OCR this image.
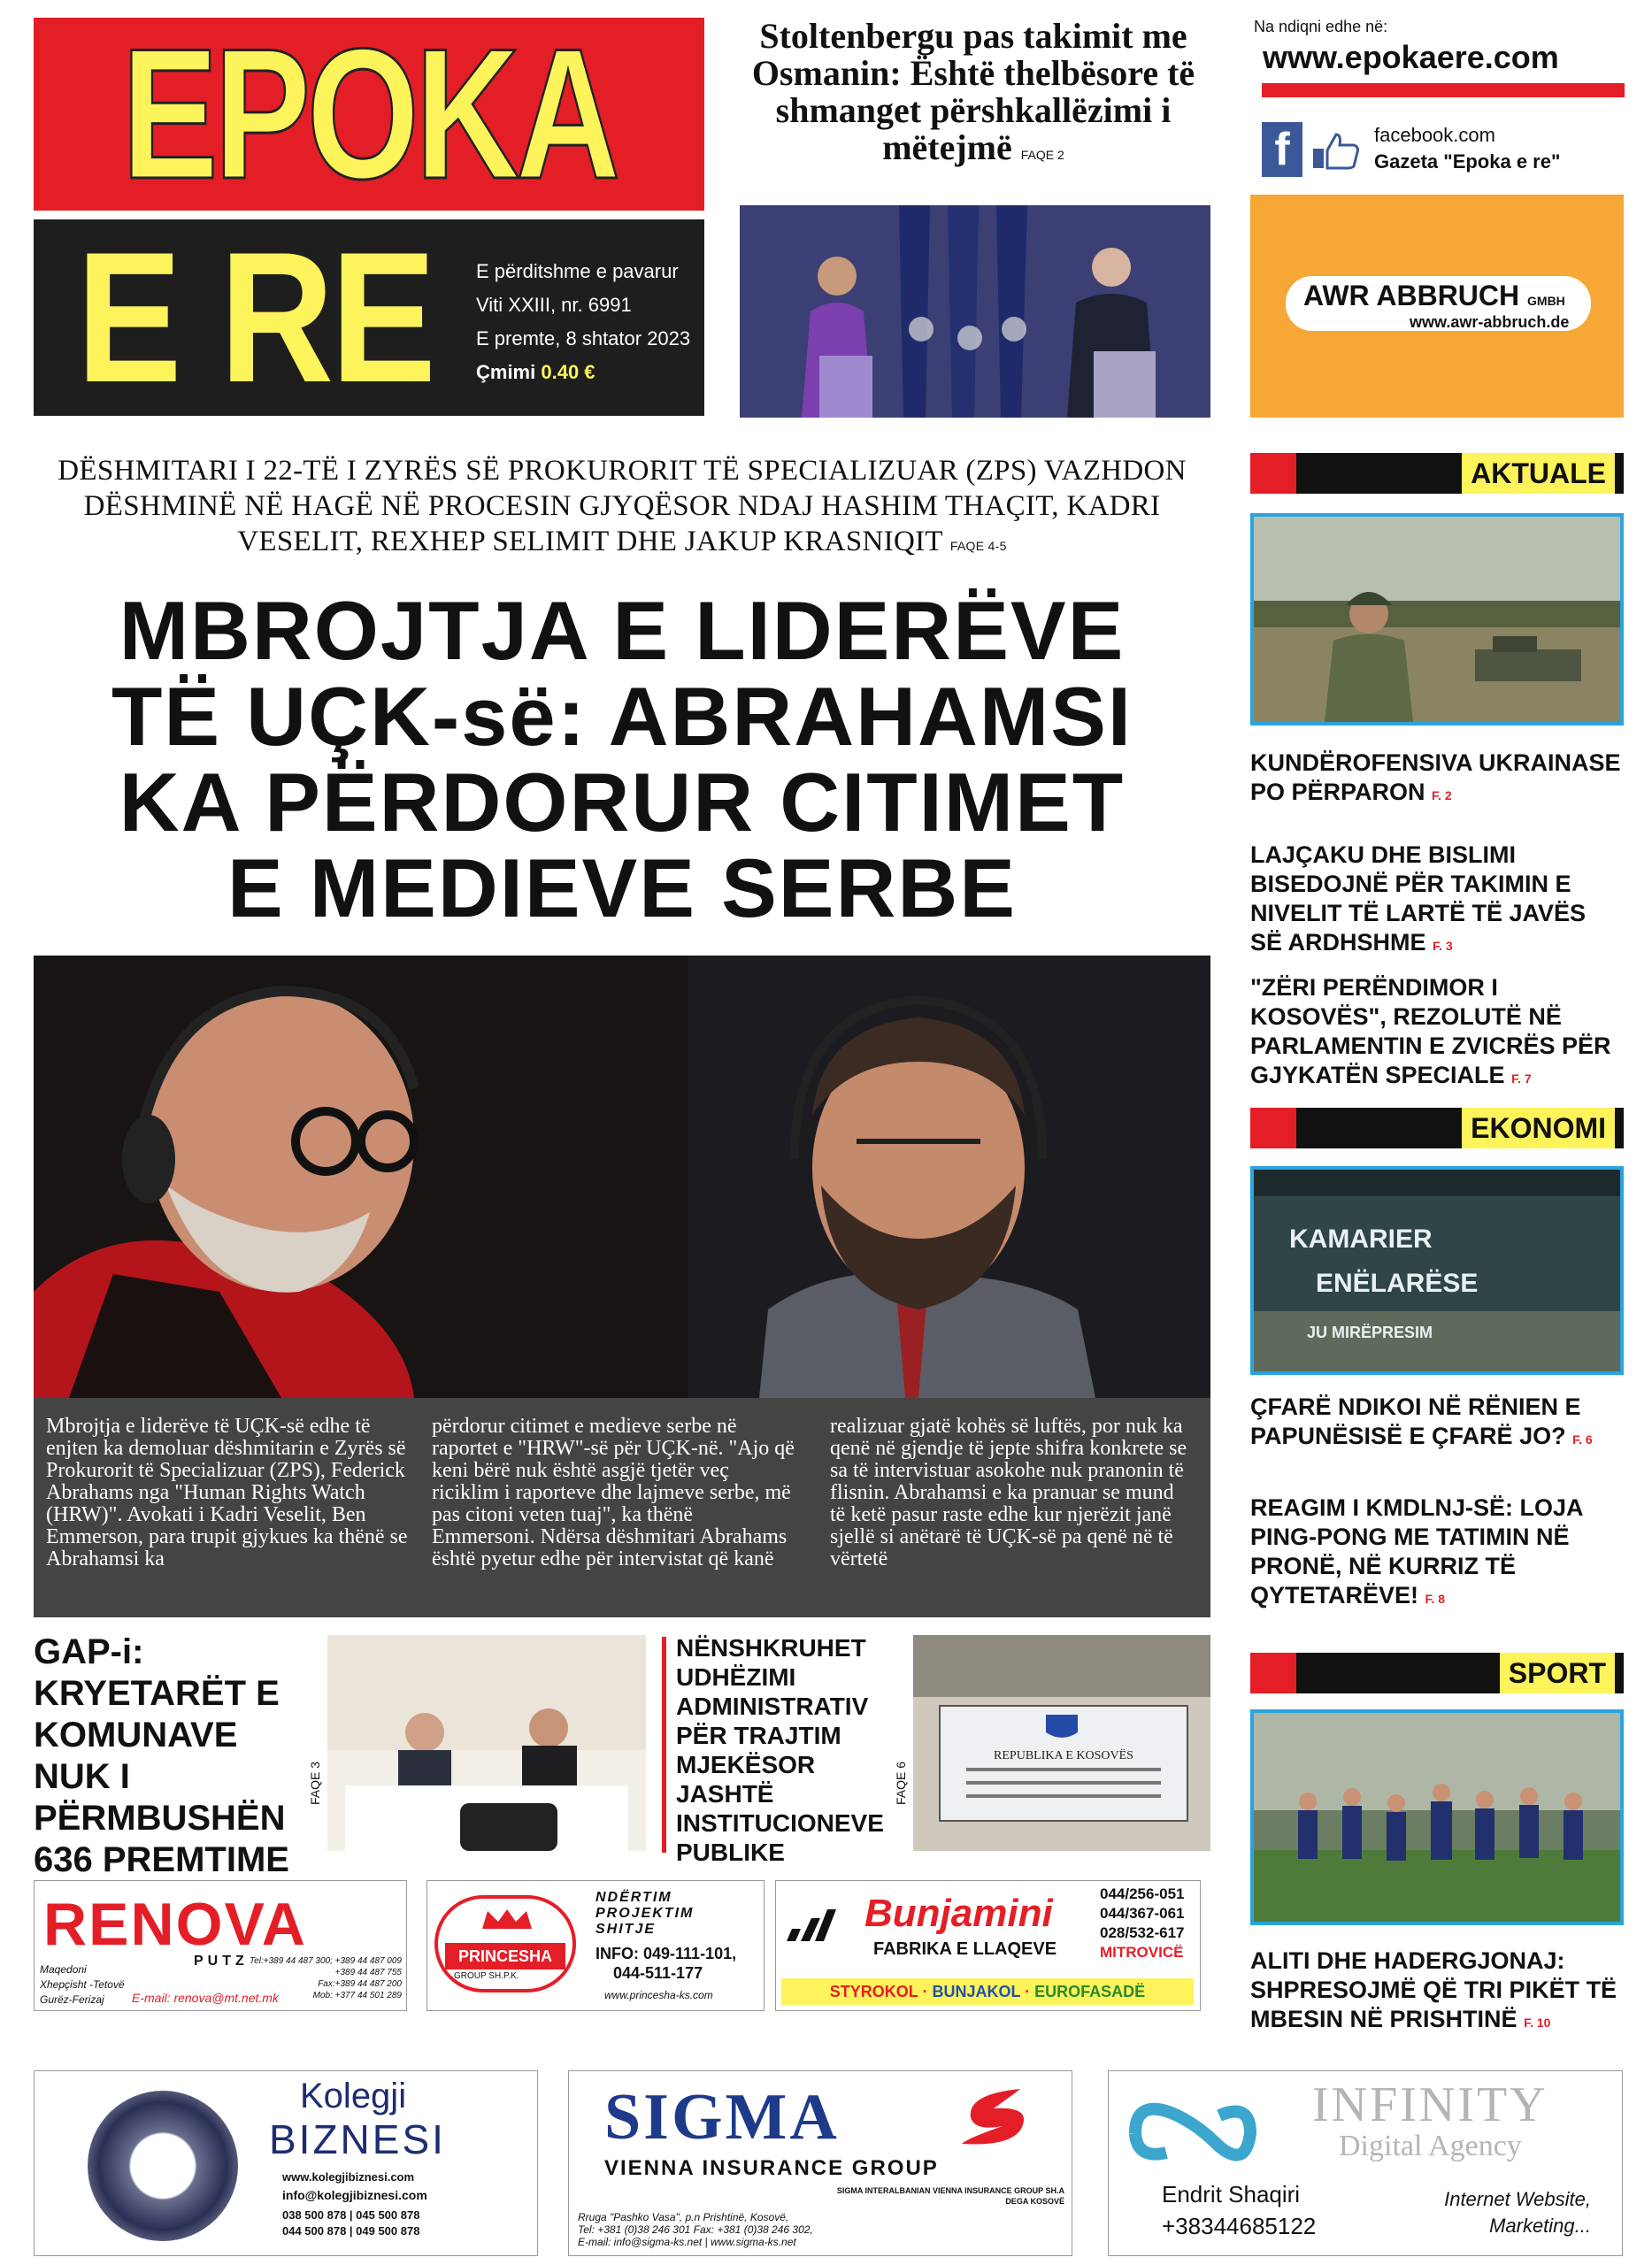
EPOKA
E RE	E përditshme e pavarur
Viti XXIII, nr. 6991
E premte, 8 shtator 2023
Çmimi 0.40 €
Stoltenbergu pas takimit me Osmanin: Është thelbësore të shmanget përshkallëzimi i mëtejmë FAQE 2
Na ndiqni edhe në:
www.epokaere.com
f	facebook.com
Gazeta "Epoka e re"
AWR ABBRUCH GMBH
www.awr-abbruch.de
DËSHMITARI I 22-TË I ZYRËS SË PROKURORIT TË SPECIALIZUAR (ZPS) VAZHDON DËSHMINË NË HAGË NË PROCESIN GJYQËSOR NDAJ HASHIM THAÇIT, KADRI VESELIT, REXHEP SELIMIT DHE JAKUP KRASNIQIT FAQE 4-5
MBROJTJA E LIDERËVE
TË UÇK-së: ABRAHAMSI
KA PËRDORUR CITIMET
E MEDIEVE SERBE
Mbrojtja e liderëve të UÇK-së edhe të enjten ka demoluar dëshmitarin e Zyrës së Prokurorit të Specializuar (ZPS), Federick Abrahams nga "Human Rights Watch (HRW)". Avokati i Kadri Veselit, Ben Emmerson, para trupit gjykues ka thënë se Abrahamsi ka
përdorur citimet e medieve serbe në raportet e "HRW"-së për UÇK-në. "Ajo që keni bërë nuk është asgjë tjetër veç riciklim i raporteve dhe lajmeve serbe, më pas citoni veten tuaj", ka thënë Emmersoni. Ndërsa dëshmitari Abrahams është pyetur edhe për intervistat që kanë
realizuar gjatë kohës së luftës, por nuk ka qenë në gjendje të jepte shifra konkrete se sa të intervistuar asokohe nuk pranonin të flisnin. Abrahamsi e ka pranuar se mund të ketë pasur raste edhe kur njerëzit janë sjellë si anëtarë të UÇK-së pa qenë në të vërtetë
GAP-i: KRYETARËT E KOMUNAVE NUK I PËRMBUSHËN 636 PREMTIME
FAQE 3
NËNSHKRUHET UDHËZIMI ADMINISTRATIV PËR TRAJTIM MJEKËSOR JASHTË INSTITUCIONEVE PUBLIKE
FAQE 6
REPUBLIKA E KOSOVËS
RENOVA
PUTZ
Maqedoni
Xhepçisht -Tetovë
Gurëz-Ferizaj
Tel:+389 44 487 300; +389 44 487 009
+389 44 487 755
Fax:+389 44 487 200
Mob: +377 44 501 289
E-mail: renova@mt.net.mk
PRINCESHA
GROUP SH.P.K.
NDËRTIM
PROJEKTIM
SHITJE
INFO: 049-111-101,
044-511-177
www.princesha-ks.com
Bunjamini
FABRIKA E LLAQEVE
044/256-051
044/367-061
028/532-617
MITROVICË
STYROKOL · BUNJAKOL · EUROFASADË
Kolegji
BIZNESI
www.kolegjibiznesi.com
info@kolegjibiznesi.com
038 500 878 | 045 500 878
044 500 878 | 049 500 878
SIGMA
VIENNA INSURANCE GROUP
SIGMA INTERALBANIAN VIENNA INSURANCE GROUP SH.A
DEGA KOSOVË
Rruga "Pashko Vasa", p.n Prishtinë, Kosovë,
Tel: +381 (0)38 246 301 Fax: +381 (0)38 246 302,
E-mail: info@sigma-ks.net | www.sigma-ks.net
INFINITY
Digital Agency
Endrit Shaqiri
+38344685122
Internet Website, Marketing...
AKTUALE
KUNDËROFENSIVA UKRAINASE PO PËRPARON F. 2
LAJÇAKU DHE BISLIMI BISEDOJNË PËR TAKIMIN E NIVELIT TË LARTË TË JAVËS SË ARDHSHME F. 3
"ZËRI PERËNDIMOR I KOSOVËS", REZOLUTË NË PARLAMENTIN E ZVICRËS PËR GJYKATËN SPECIALE F. 7
EKONOMI
KAMARIER
ENËLARËSE
JU MIRËPRESIM
ÇFARË NDIKOI NË RËNIEN E PAPUNËSISË E ÇFARË JO? F. 6
REAGIM I KMDLNJ-SË: LOJA PING-PONG ME TATIMIN NË PRONË, NË KURRIZ TË QYTETARËVE! F. 8
SPORT
ALITI DHE HADERGJONAJ: SHPRESOJMË QË TRI PIKËT TË MBESIN NË PRISHTINË F. 10
